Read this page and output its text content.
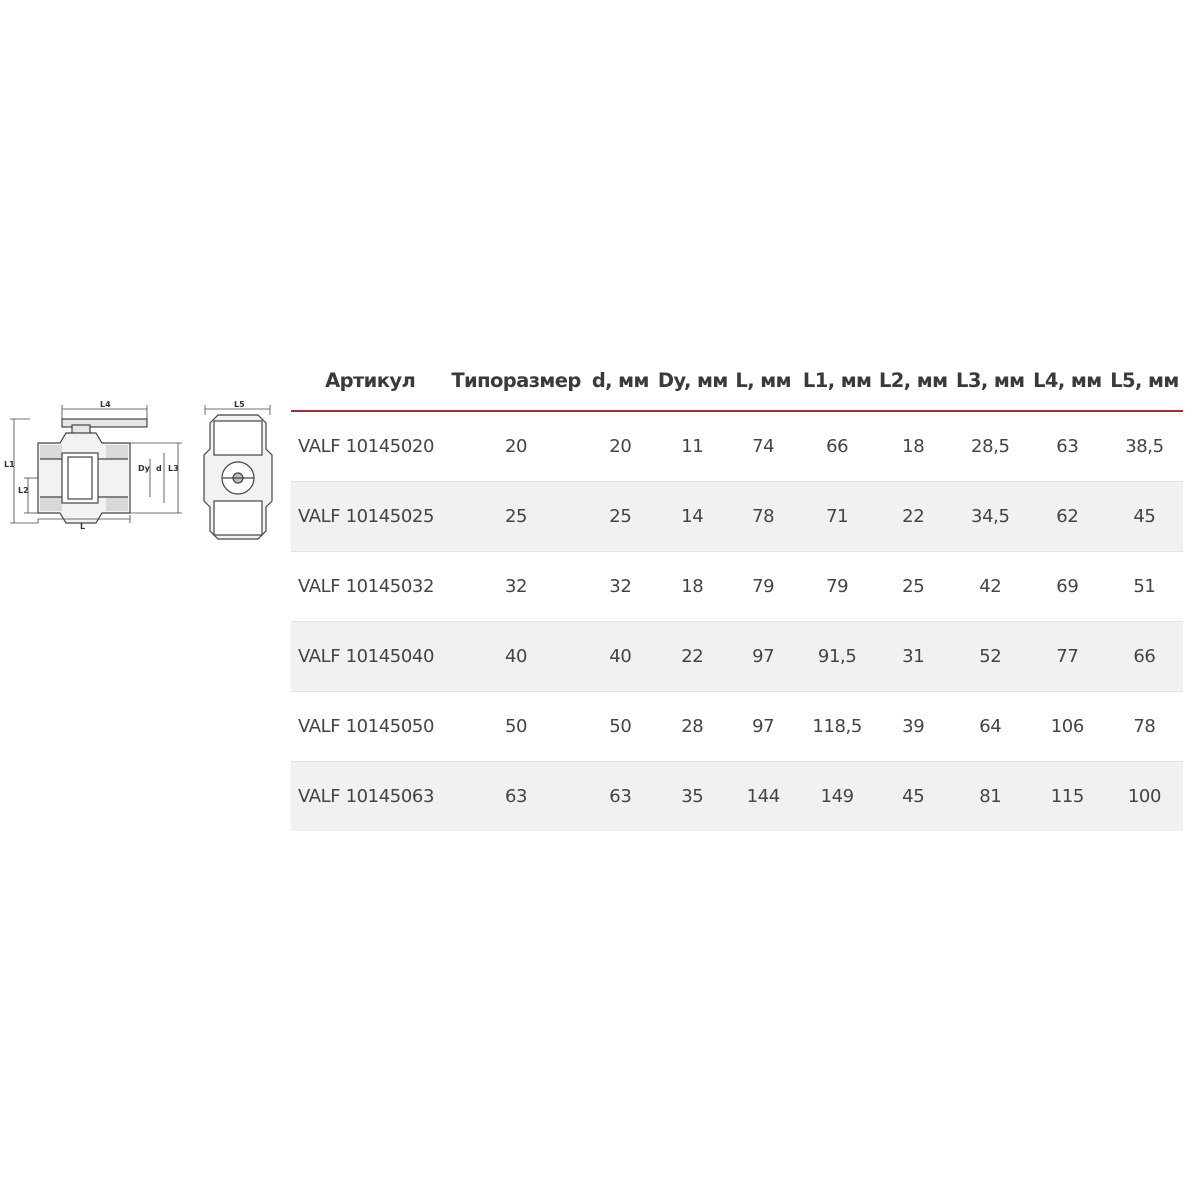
L4
L1
L2
Dy d L3
L
L5
Артикул	Типоразмер	d, мм	Dy, мм	L, мм	L1, мм	L2, мм	L3, мм	L4, мм	L5, мм
VALF 10145020	20	20	11	74	66	18	28,5	63	38,5
VALF 10145025	25	25	14	78	71	22	34,5	62	45
VALF 10145032	32	32	18	79	79	25	42	69	51
VALF 10145040	40	40	22	97	91,5	31	52	77	66
VALF 10145050	50	50	28	97	118,5	39	64	106	78
VALF 10145063	63	63	35	144	149	45	81	115	100
